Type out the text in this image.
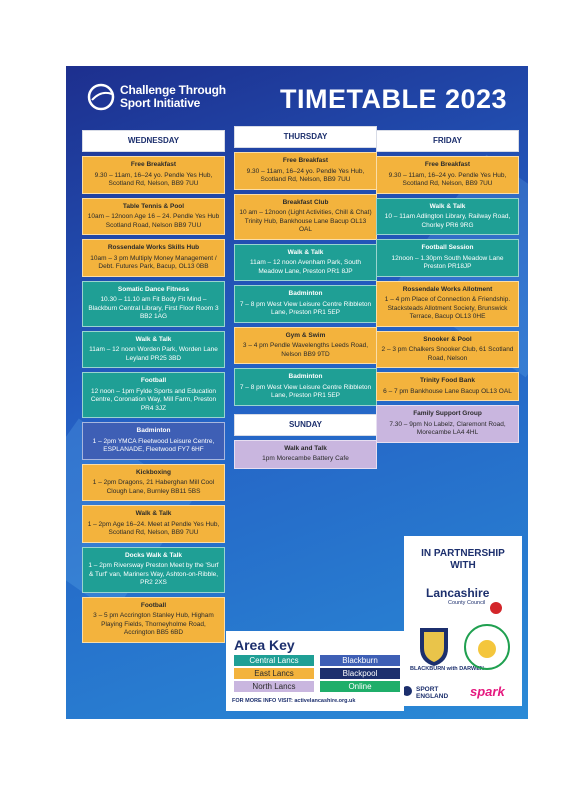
Challenge Through
Sport Initiative	TIMETABLE 2023
WEDNESDAY
Free Breakfast
9.30 – 11am, 16–24 yo. Pendle Yes Hub, Scotland Rd, Nelson, BB9 7UU
Table Tennis & Pool
10am – 12noon Age 16 – 24. Pendle Yes Hub Scotland Road, Nelson BB9 7UU
Rossendale Works Skills Hub
10am – 3 pm Multiply Money Management / Debt. Futures Park, Bacup, OL13 0BB
Somatic Dance Fitness
10.30 – 11.10 am Fit Body Fit Mind – Blackburn Central Library, First Floor Room 3 BB2 1AG
Walk & Talk
11am – 12 noon Worden Park, Worden Lane Leyland PR25 3BD
Football
12 noon – 1pm Fylde Sports and Education Centre, Coronation Way, Mill Farm, Preston PR4 3JZ
Badminton
1 – 2pm YMCA Fleetwood Leisure Centre, ESPLANADE, Fleetwood FY7 6HF
Kickboxing
1 – 2pm Dragons, 21 Haberghan Mill Cool Clough Lane, Burnley BB11 5BS
Walk & Talk
1 – 2pm Age 16–24. Meet at Pendle Yes Hub, Scotland Rd, Nelson, BB9 7UU
Docks Walk & Talk
1 – 2pm Riversway Preston Meet by the 'Surf & Turf' van, Mariners Way, Ashton-on-Ribble, PR2 2XS
Football
3 – 5 pm Accrington Stanley Hub, Higham Playing Fields, Thorneyholme Road, Accrington BB5 6BD
THURSDAY
Free Breakfast
9.30 – 11am, 16–24 yo. Pendle Yes Hub, Scotland Rd, Nelson, BB9 7UU
Breakfast Club
10 am – 12noon (Light Activities, Chill & Chat) Trinity Hub, Bankhouse Lane Bacup OL13 OAL
Walk & Talk
11am – 12 noon Avenham Park, South Meadow Lane, Preston PR1 8JP
Badminton
7 – 8 pm West View Leisure Centre Ribbleton Lane, Preston PR1 5EP
Gym & Swim
3 – 4 pm Pendle Wavelengths Leeds Road, Nelson BB9 9TD
Badminton
7 – 8 pm West View Leisure Centre Ribbleton Lane, Preston PR1 5EP
SUNDAY
Walk and Talk
1pm Morecambe Battery Cafe
FRIDAY
Free Breakfast
9.30 – 11am, 16–24 yo. Pendle Yes Hub, Scotland Rd, Nelson, BB9 7UU
Walk & Talk
10 – 11am Adlington Library, Railway Road, Chorley PR6 9RG
Football Session
12noon – 1.30pm South Meadow Lane Preston PR18JP
Rossendale Works Allotment
1 – 4 pm Place of Connection & Friendship. Stacksteads Allotment Society, Brunswick Terrace, Bacup OL13 0HE
Snooker & Pool
2 – 3 pm Chalkers Snooker Club, 61 Scotland Road, Nelson
Trinity Food Bank
6 – 7 pm Bankhouse Lane Bacup OL13 OAL
Family Support Group
7.30 – 9pm No Labelz, Claremont Road, Morecambe LA4 4HL
IN PARTNERSHIP
WITH
Lancashire
County Council
BLACKBURN with DARWEN
SPORT ENGLAND	spark
Area Key
Central Lancs	Blackburn
East Lancs	Blackpool
North Lancs	Online
FOR MORE INFO VISIT: activelancashire.org.uk
